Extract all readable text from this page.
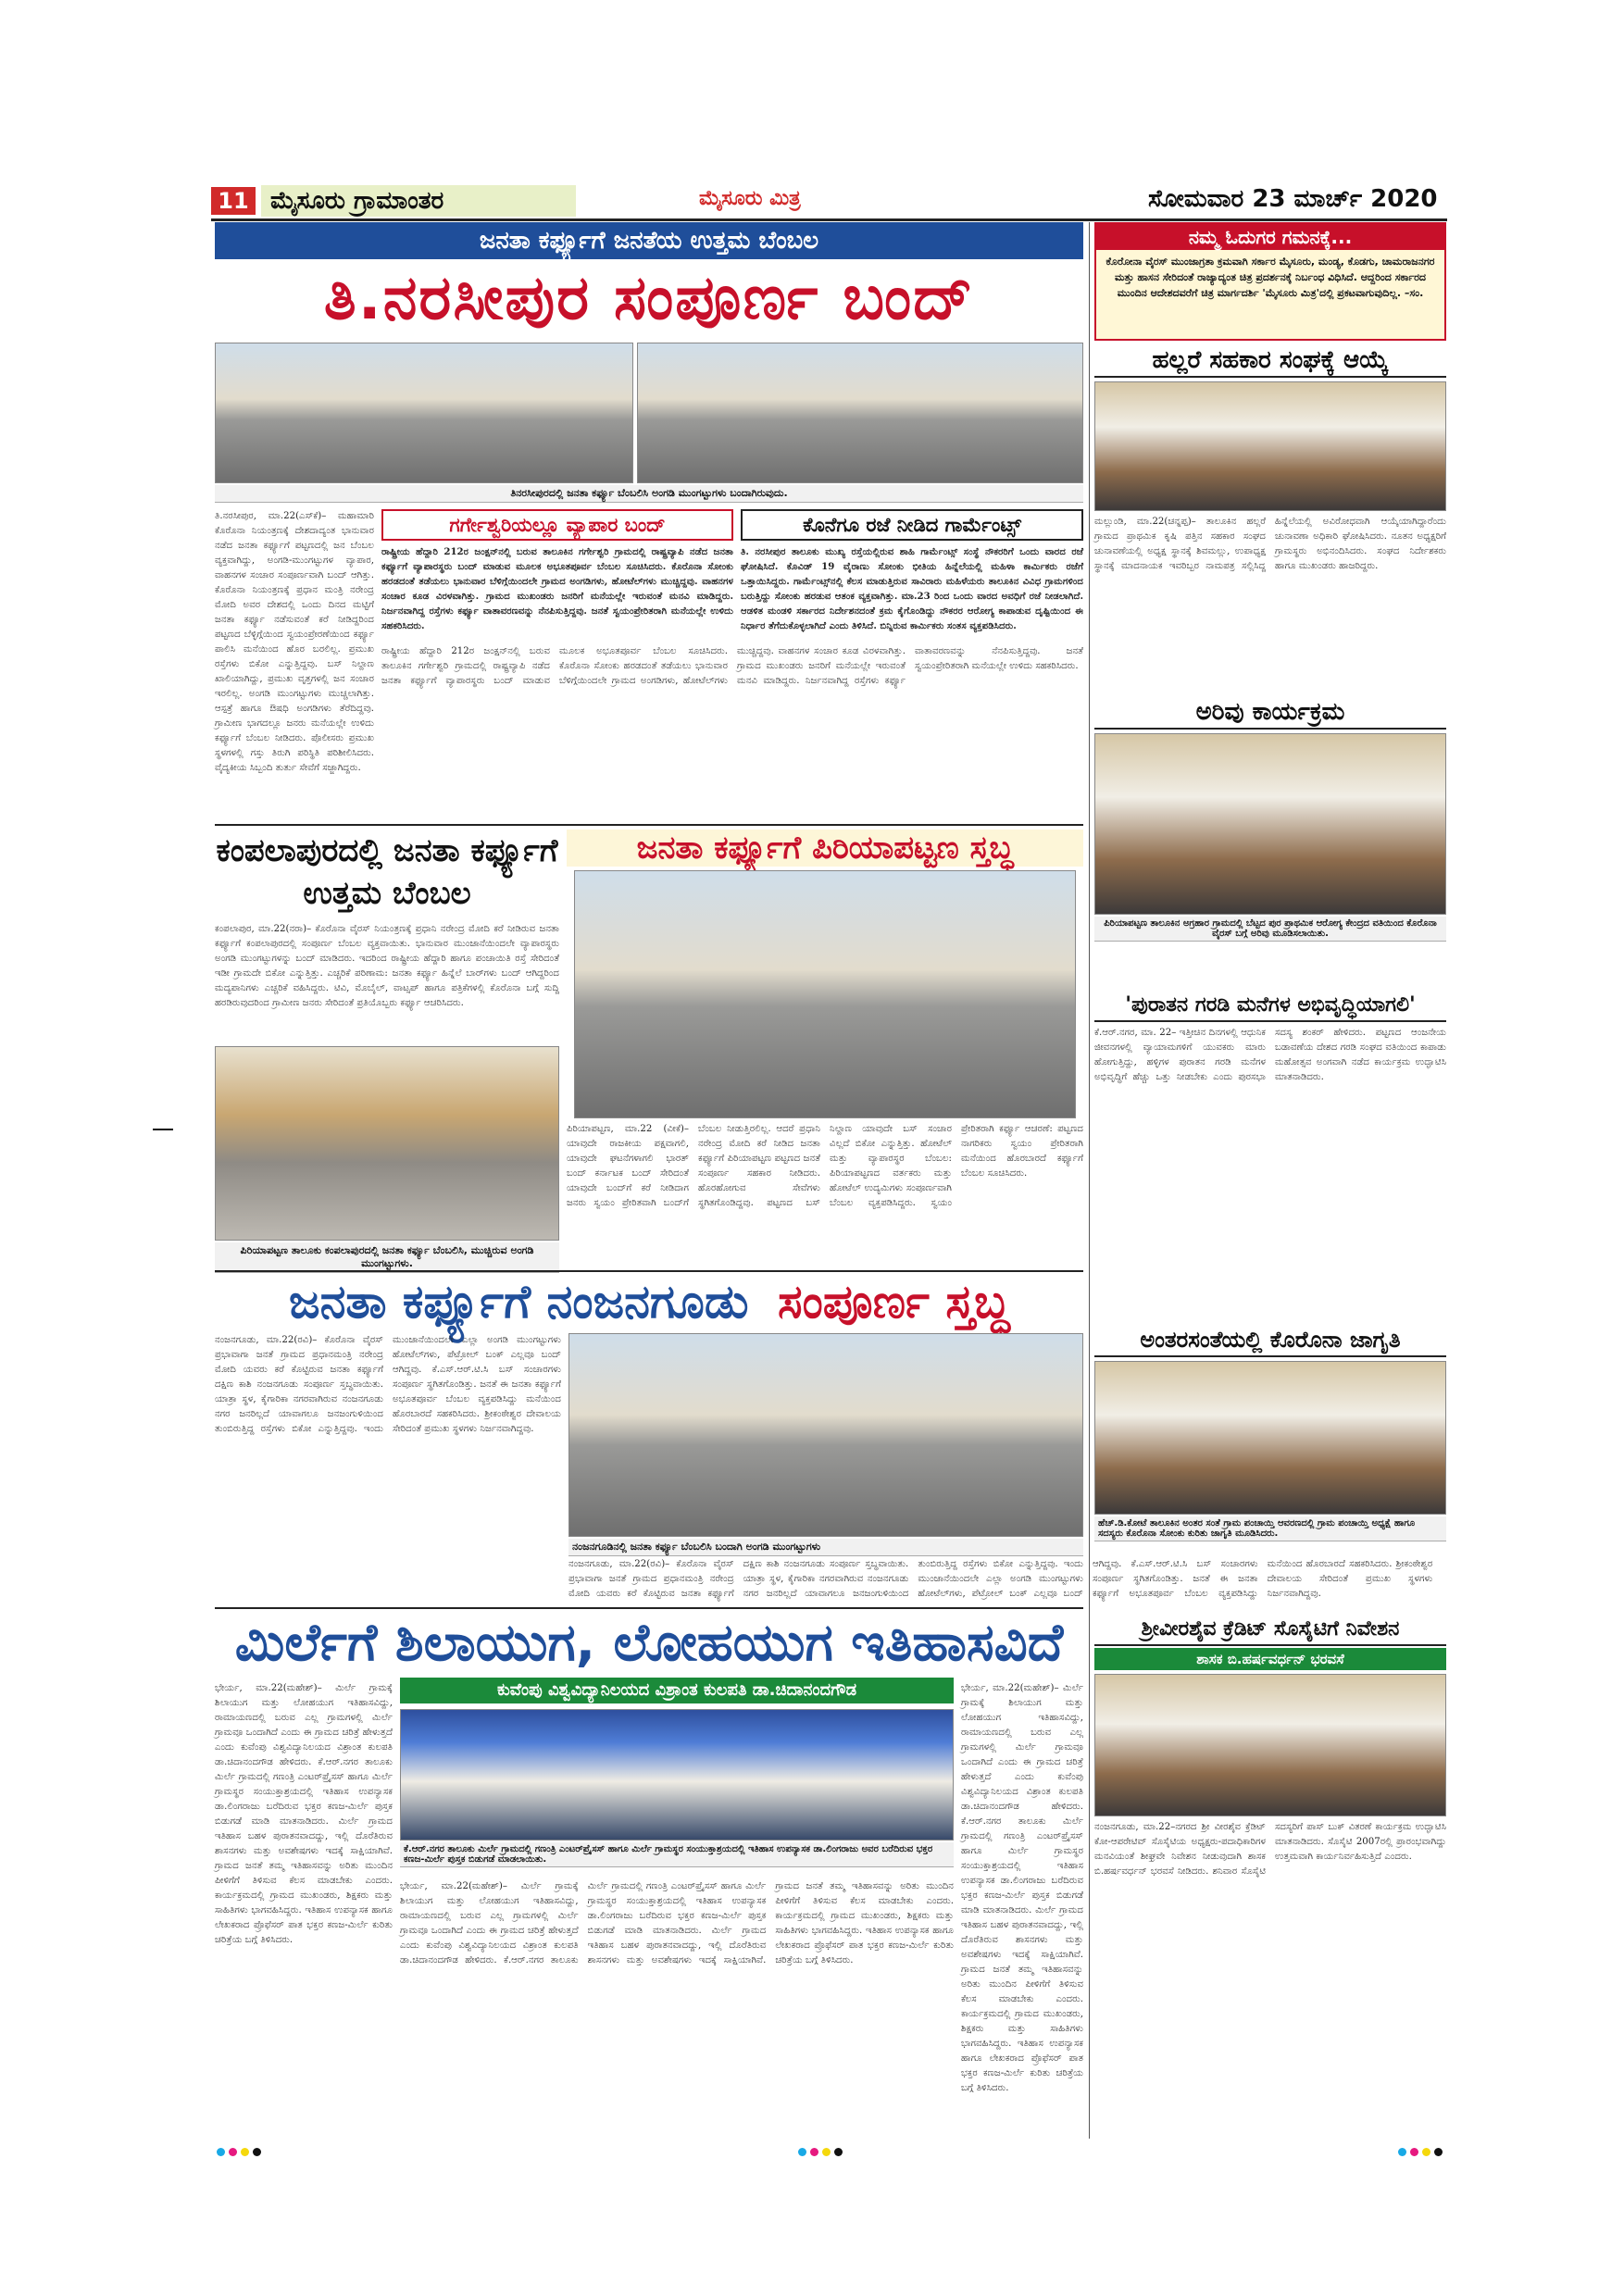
11 ಮೈಸೂರು ಗ್ರಾಮಾಂತರ	ಮೈಸೂರು ಮಿತ್ರ	ಸೋಮವಾರ 23 ಮಾರ್ಚ್ 2020
ಜನತಾ ಕರ್ಫ್ಯೂಗೆ ಜನತೆಯ ಉತ್ತಮ ಬೆಂಬಲ
ತಿ.ನರಸೀಪುರ ಸಂಪೂರ್ಣ ಬಂದ್
ತಿನರಸೀಪುರದಲ್ಲಿ ಜನತಾ ಕರ್ಫ್ಯೂ ಬೆಂಬಲಿಸಿ ಅಂಗಡಿ ಮುಂಗಟ್ಟುಗಳು ಬಂದಾಗಿರುವುದು.
ತಿ.ನರಸೀಪುರ, ಮಾ.22(ಎಸ್‌ಕೆ)– ಮಹಾಮಾರಿ ಕೊರೊನಾ ನಿಯಂತ್ರಣಕ್ಕೆ ದೇಶದಾದ್ಯಂತ ಭಾನುವಾರ ನಡೆದ ಜನತಾ ಕರ್ಫ್ಯೂಗೆ ಪಟ್ಟಣದಲ್ಲಿ ಜನ ಬೆಂಬಲ ವ್ಯಕ್ತವಾಗಿದ್ದು, ಅಂಗಡಿ-ಮುಂಗಟ್ಟುಗಳ ವ್ಯಾಪಾರ, ವಾಹನಗಳ ಸಂಚಾರ ಸಂಪೂರ್ಣವಾಗಿ ಬಂದ್ ಆಗಿತ್ತು. ಕೊರೊನಾ ನಿಯಂತ್ರಣಕ್ಕೆ ಪ್ರಧಾನ ಮಂತ್ರಿ ನರೇಂದ್ರ ಮೋದಿ ಅವರ ದೇಶದಲ್ಲಿ ಒಂದು ದಿನದ ಮಟ್ಟಿಗೆ ಜನತಾ ಕರ್ಫ್ಯೂ ನಡೆಸುವಂತೆ ಕರೆ ನೀಡಿದ್ದರಿಂದ ಪಟ್ಟಣದ ಬೆಳ್ಳಿಗ್ಗೆಯಿಂದ ಸ್ವಯಂಪ್ರೇರಣೆಯಿಂದ ಕರ್ಫ್ಯೂ ಪಾಲಿಸಿ ಮನೆಯಿಂದ ಹೊರ ಬರಲಿಲ್ಲ. ಪ್ರಮುಖ ರಸ್ತೆಗಳು ಬಿಕೋ ಎನ್ನುತ್ತಿದ್ದವು. ಬಸ್ ನಿಲ್ದಾಣ ಖಾಲಿಯಾಗಿದ್ದು, ಪ್ರಮುಖ ವೃತ್ತಗಳಲ್ಲಿ ಜನ ಸಂಚಾರ ಇರಲಿಲ್ಲ. ಅಂಗಡಿ ಮುಂಗಟ್ಟುಗಳು ಮುಚ್ಚಲಾಗಿತ್ತು. ಆಸ್ಪತ್ರೆ ಹಾಗೂ ಔಷಧಿ ಅಂಗಡಿಗಳು ತೆರೆದಿದ್ದವು. ಗ್ರಾಮೀಣ ಭಾಗದಲ್ಲೂ ಜನರು ಮನೆಯಲ್ಲೇ ಉಳಿದು ಕರ್ಫ್ಯೂಗೆ ಬೆಂಬಲ ನೀಡಿದರು. ಪೊಲೀಸರು ಪ್ರಮುಖ ಸ್ಥಳಗಳಲ್ಲಿ ಗಸ್ತು ತಿರುಗಿ ಪರಿಸ್ಥಿತಿ ಪರಿಶೀಲಿಸಿದರು. ವೈದ್ಯಕೀಯ ಸಿಬ್ಬಂದಿ ತುರ್ತು ಸೇವೆಗೆ ಸಜ್ಜಾಗಿದ್ದರು.
ಗರ್ಗೇಶ್ವರಿಯಲ್ಲೂ ವ್ಯಾಪಾರ ಬಂದ್
ರಾಷ್ಟ್ರೀಯ ಹೆದ್ದಾರಿ 212ರ ಜಂಕ್ಷನ್‌ನಲ್ಲಿ ಬರುವ ತಾಲೂಕಿನ ಗರ್ಗೇಶ್ವರಿ ಗ್ರಾಮದಲ್ಲಿ ರಾಷ್ಟ್ರವ್ಯಾಪಿ ನಡೆದ ಜನತಾ ಕರ್ಫ್ಯೂಗೆ ವ್ಯಾಪಾರಸ್ಥರು ಬಂದ್ ಮಾಡುವ ಮೂಲಕ ಅಭೂತಪೂರ್ವ ಬೆಂಬಲ ಸೂಚಿಸಿದರು. ಕೊರೊನಾ ಸೋಂಕು ಹರಡದಂತೆ ತಡೆಯಲು ಭಾನುವಾರ ಬೆಳಿಗ್ಗೆಯಿಂದಲೇ ಗ್ರಾಮದ ಅಂಗಡಿಗಳು, ಹೋಟೆಲ್‌ಗಳು ಮುಚ್ಚಿದ್ದವು. ವಾಹನಗಳ ಸಂಚಾರ ಕೂಡ ವಿರಳವಾಗಿತ್ತು. ಗ್ರಾಮದ ಮುಖಂಡರು ಜನರಿಗೆ ಮನೆಯಲ್ಲೇ ಇರುವಂತೆ ಮನವಿ ಮಾಡಿದ್ದರು. ನಿರ್ಜನವಾಗಿದ್ದ ರಸ್ತೆಗಳು ಕರ್ಫ್ಯೂ ವಾತಾವರಣವನ್ನು ನೆನಪಿಸುತ್ತಿದ್ದವು. ಜನತೆ ಸ್ವಯಂಪ್ರೇರಿತರಾಗಿ ಮನೆಯಲ್ಲೇ ಉಳಿದು ಸಹಕರಿಸಿದರು.
ಕೊನೆಗೂ ರಜೆ ನೀಡಿದ ಗಾರ್ಮೆಂಟ್ಸ್
ತಿ. ನರಸೀಪುರ ತಾಲೂಕು ಮುಖ್ಯ ರಸ್ತೆಯಲ್ಲಿರುವ ಶಾಹಿ ಗಾರ್ಮೆಂಟ್ಸ್ ಸಂಸ್ಥೆ ನೌಕರರಿಗೆ ಒಂದು ವಾರದ ರಜೆ ಘೋಷಿಸಿದೆ. ಕೊವಿಡ್ 19 ವೈರಾಣು ಸೋಂಕು ಭೀತಿಯ ಹಿನ್ನೆಲೆಯಲ್ಲಿ ಮಹಿಳಾ ಕಾರ್ಮಿಕರು ರಜೆಗೆ ಒತ್ತಾಯಿಸಿದ್ದರು. ಗಾರ್ಮೆಂಟ್ಸ್‌ನಲ್ಲಿ ಕೆಲಸ ಮಾಡುತ್ತಿರುವ ಸಾವಿರಾರು ಮಹಿಳೆಯರು ತಾಲೂಕಿನ ವಿವಿಧ ಗ್ರಾಮಗಳಿಂದ ಬರುತ್ತಿದ್ದು ಸೋಂಕು ಹರಡುವ ಆತಂಕ ವ್ಯಕ್ತವಾಗಿತ್ತು. ಮಾ.23 ರಿಂದ ಒಂದು ವಾರದ ಅವಧಿಗೆ ರಜೆ ನೀಡಲಾಗಿದೆ. ಆಡಳಿತ ಮಂಡಳಿ ಸರ್ಕಾರದ ನಿರ್ದೇಶನದಂತೆ ಕ್ರಮ ಕೈಗೊಂಡಿದ್ದು ನೌಕರರ ಆರೋಗ್ಯ ಕಾಪಾಡುವ ದೃಷ್ಟಿಯಿಂದ ಈ ನಿರ್ಧಾರ ತೆಗೆದುಕೊಳ್ಳಲಾಗಿದೆ ಎಂದು ತಿಳಿಸಿದೆ. ಬಿನ್ನಿರುವ ಕಾರ್ಮಿಕರು ಸಂತಸ ವ್ಯಕ್ತಪಡಿಸಿದರು.
ರಾಷ್ಟ್ರೀಯ ಹೆದ್ದಾರಿ 212ರ ಜಂಕ್ಷನ್‌ನಲ್ಲಿ ಬರುವ ತಾಲೂಕಿನ ಗರ್ಗೇಶ್ವರಿ ಗ್ರಾಮದಲ್ಲಿ ರಾಷ್ಟ್ರವ್ಯಾಪಿ ನಡೆದ ಜನತಾ ಕರ್ಫ್ಯೂಗೆ ವ್ಯಾಪಾರಸ್ಥರು ಬಂದ್ ಮಾಡುವ ಮೂಲಕ ಅಭೂತಪೂರ್ವ ಬೆಂಬಲ ಸೂಚಿಸಿದರು. ಕೊರೊನಾ ಸೋಂಕು ಹರಡದಂತೆ ತಡೆಯಲು ಭಾನುವಾರ ಬೆಳಿಗ್ಗೆಯಿಂದಲೇ ಗ್ರಾಮದ ಅಂಗಡಿಗಳು, ಹೋಟೆಲ್‌ಗಳು ಮುಚ್ಚಿದ್ದವು. ವಾಹನಗಳ ಸಂಚಾರ ಕೂಡ ವಿರಳವಾಗಿತ್ತು. ಗ್ರಾಮದ ಮುಖಂಡರು ಜನರಿಗೆ ಮನೆಯಲ್ಲೇ ಇರುವಂತೆ ಮನವಿ ಮಾಡಿದ್ದರು. ನಿರ್ಜನವಾಗಿದ್ದ ರಸ್ತೆಗಳು ಕರ್ಫ್ಯೂ ವಾತಾವರಣವನ್ನು ನೆನಪಿಸುತ್ತಿದ್ದವು. ಜನತೆ ಸ್ವಯಂಪ್ರೇರಿತರಾಗಿ ಮನೆಯಲ್ಲೇ ಉಳಿದು ಸಹಕರಿಸಿದರು.
ಕಂಪಲಾಪುರದಲ್ಲಿ ಜನತಾ ಕರ್ಫ್ಯೂಗೆ ಉತ್ತಮ ಬೆಂಬಲ
ಕಂಪಲಾಪುರ, ಮಾ.22(ನರಾ)– ಕೊರೊನಾ ವೈರಸ್ ನಿಯಂತ್ರಣಕ್ಕೆ ಪ್ರಧಾನಿ ನರೇಂದ್ರ ಮೋದಿ ಕರೆ ನೀಡಿರುವ ಜನತಾ ಕರ್ಫ್ಯೂಗೆ ಕಂಪಲಾಪುರದಲ್ಲಿ ಸಂಪೂರ್ಣ ಬೆಂಬಲ ವ್ಯಕ್ತವಾಯಿತು. ಭಾನುವಾರ ಮುಂಜಾನೆಯಿಂದಲೇ ವ್ಯಾಪಾರಸ್ಥರು ಅಂಗಡಿ ಮುಂಗಟ್ಟುಗಳನ್ನು ಬಂದ್ ಮಾಡಿದರು. ಇದರಿಂದ ರಾಷ್ಟ್ರೀಯ ಹೆದ್ದಾರಿ ಹಾಗೂ ಪಂಚಾಯಿತಿ ರಸ್ತೆ ಸೇರಿದಂತೆ ಇಡೀ ಗ್ರಾಮದೇ ಬಿಕೋ ಎನ್ನುತ್ತಿತ್ತು. ಎಚ್ಚರಿಕೆ ಪರಿಣಾಮ: ಜನತಾ ಕರ್ಫ್ಯೂ ಹಿನ್ನೆಲೆ ಬಾರ್‌ಗಳು ಬಂದ್ ಆಗಿದ್ದರಿಂದ ಮದ್ಯಪಾನಿಗಳು ಎಚ್ಚರಿಕೆ ವಹಿಸಿದ್ದರು. ಟಿವಿ, ಮೊಬೈಲ್, ವಾಟ್ಸಪ್ ಹಾಗೂ ಪತ್ರಿಕೆಗಳಲ್ಲಿ ಕೊರೊನಾ ಬಗ್ಗೆ ಸುದ್ದಿ ಹರಡಿರುವುದರಿಂದ ಗ್ರಾಮೀಣ ಜನರು ಸೇರಿದಂತೆ ಪ್ರತಿಯೊಬ್ಬರು ಕರ್ಫ್ಯೂ ಆಚರಿಸಿದರು.
ಪಿರಿಯಾಪಟ್ಟಣ ತಾಲೂಕು ಕಂಪಲಾಪುರದಲ್ಲಿ ಜನತಾ ಕರ್ಫ್ಯೂ ಬೆಂಬಲಿಸಿ, ಮುಚ್ಚಿರುವ ಅಂಗಡಿ ಮುಂಗಟ್ಟುಗಳು.
ಜನತಾ ಕರ್ಫ್ಯೂಗೆ ಪಿರಿಯಾಪಟ್ಟಣ ಸ್ತಬ್ಧ
ಪಿರಿಯಾಪಟ್ಟಣ, ಮಾ.22 (ವೀಕೆ)– ಯಾವುದೇ ರಾಜಕೀಯ ಪಕ್ಷವಾಗಲಿ, ಯಾವುದೇ ಘಟನೆಗಳಾಗಲಿ ಭಾರತ್ ಬಂದ್ ಕರ್ನಾಟಕ ಬಂದ್ ಸೇರಿದಂತೆ ಯಾವುದೇ ಬಂದ್‌ಗೆ ಕರೆ ನೀಡಿದಾಗ ಜನರು ಸ್ವಯಂ ಪ್ರೇರಿತವಾಗಿ ಬಂದ್‌ಗೆ ಬೆಂಬಲ ನೀಡುತ್ತಿರಲಿಲ್ಲ. ಆದರೆ ಪ್ರಧಾನಿ ನರೇಂದ್ರ ಮೋದಿ ಕರೆ ನೀಡಿದ ಜನತಾ ಕರ್ಫ್ಯೂಗೆ ಪಿರಿಯಾಪಟ್ಟಣ ಪಟ್ಟಣದ ಜನತೆ ಸಂಪೂರ್ಣ ಸಹಕಾರ ನೀಡಿದರು. ಹೊರಹೋಗುವ ಸೇವೆಗಳು ಸ್ಥಗಿತಗೊಂಡಿದ್ದವು. ಪಟ್ಟಣದ ಬಸ್ ನಿಲ್ದಾಣ ಯಾವುದೇ ಬಸ್ ಸಂಚಾರ ವಿಲ್ಲದೆ ಬಿಕೋ ಎನ್ನುತ್ತಿತ್ತು. ಹೋಟೆಲ್ ಮತ್ತು ವ್ಯಾಪಾರಸ್ಥರ ಬೆಂಬಲ: ಪಿರಿಯಾಪಟ್ಟಣದ ವರ್ತಕರು ಮತ್ತು ಹೋಟೆಲ್ ಉದ್ಯಮಿಗಳು ಸಂಪೂರ್ಣವಾಗಿ ಬೆಂಬಲ ವ್ಯಕ್ತಪಡಿಸಿದ್ದರು. ಸ್ವಯಂ ಪ್ರೇರಿತರಾಗಿ ಕರ್ಫ್ಯೂ ಆಚರಣೆ: ಪಟ್ಟಣದ ನಾಗರಿಕರು ಸ್ವಯಂ ಪ್ರೇರಿತರಾಗಿ ಮನೆಯಿಂದ ಹೊರಬಾರದೆ ಕರ್ಫ್ಯೂಗೆ ಬೆಂಬಲ ಸೂಚಿಸಿದರು.
ಜನತಾ ಕರ್ಫ್ಯೂಗೆ ನಂಜನಗೂಡು ಸಂಪೂರ್ಣ ಸ್ತಬ್ಧ
ನಂಜನಗೂಡು, ಮಾ.22(ರವಿ)– ಕೊರೊನಾ ವೈರಸ್ ಪ್ರಭಾವಾಗಾ ಜನತೆ ಗ್ರಾಮದ ಪ್ರಧಾನಮಂತ್ರಿ ನರೇಂದ್ರ ಮೋದಿ ಯವರು ಕರೆ ಕೊಟ್ಟಿರುವ ಜನತಾ ಕರ್ಫ್ಯೂಗೆ ದಕ್ಷಿಣ ಕಾಶಿ ನಂಜನಗೂಡು ಸಂಪೂರ್ಣ ಸ್ತಬ್ಧವಾಯಿತು. ಯಾತ್ರಾ ಸ್ಥಳ, ಕೈಗಾರಿಕಾ ನಗರವಾಗಿರುವ ನಂಜನಗೂಡು ನಗರ ಜನರಿಲ್ಲದೆ ಯಾವಾಗಲೂ ಜನಜಂಗುಳಿಯಿಂದ ತುಂಬಿರುತ್ತಿದ್ದ ರಸ್ತೆಗಳು ಬಿಕೋ ಎನ್ನುತ್ತಿದ್ದವು. ಇಂದು ಮುಂಜಾನೆಯಿಂದಲೇ ಎಲ್ಲಾ ಅಂಗಡಿ ಮುಂಗಟ್ಟುಗಳು ಹೋಟೆಲ್‌ಗಳು, ಪೆಟ್ರೋಲ್ ಬಂಕ್ ಎಲ್ಲವೂ ಬಂದ್ ಆಗಿದ್ದವು. ಕೆ.ಎಸ್.ಆರ್.ಟಿ.ಸಿ ಬಸ್ ಸಂಚಾರಗಳು ಸಂಪೂರ್ಣ ಸ್ಥಗಿತಗೊಂಡಿತ್ತು. ಜನತೆ ಈ ಜನತಾ ಕರ್ಫ್ಯೂಗೆ ಅಭೂತಪೂರ್ವ ಬೆಂಬಲ ವ್ಯಕ್ತಪಡಿಸಿದ್ದು ಮನೆಯಿಂದ ಹೊರಬಾರದೆ ಸಹಕರಿಸಿದರು. ಶ್ರೀಕಂಠೇಶ್ವರ ದೇವಾಲಯ ಸೇರಿದಂತೆ ಪ್ರಮುಖ ಸ್ಥಳಗಳು ನಿರ್ಜನವಾಗಿದ್ದವು.
ನಂಜನಗೂಡಿನಲ್ಲಿ ಜನತಾ ಕರ್ಫ್ಯೂ ಬೆಂಬಲಿಸಿ ಬಂದಾಗಿ ಅಂಗಡಿ ಮುಂಗಟ್ಟುಗಳು
ನಂಜನಗೂಡು, ಮಾ.22(ರವಿ)– ಕೊರೊನಾ ವೈರಸ್ ಪ್ರಭಾವಾಗಾ ಜನತೆ ಗ್ರಾಮದ ಪ್ರಧಾನಮಂತ್ರಿ ನರೇಂದ್ರ ಮೋದಿ ಯವರು ಕರೆ ಕೊಟ್ಟಿರುವ ಜನತಾ ಕರ್ಫ್ಯೂಗೆ ದಕ್ಷಿಣ ಕಾಶಿ ನಂಜನಗೂಡು ಸಂಪೂರ್ಣ ಸ್ತಬ್ಧವಾಯಿತು. ಯಾತ್ರಾ ಸ್ಥಳ, ಕೈಗಾರಿಕಾ ನಗರವಾಗಿರುವ ನಂಜನಗೂಡು ನಗರ ಜನರಿಲ್ಲದೆ ಯಾವಾಗಲೂ ಜನಜಂಗುಳಿಯಿಂದ ತುಂಬಿರುತ್ತಿದ್ದ ರಸ್ತೆಗಳು ಬಿಕೋ ಎನ್ನುತ್ತಿದ್ದವು. ಇಂದು ಮುಂಜಾನೆಯಿಂದಲೇ ಎಲ್ಲಾ ಅಂಗಡಿ ಮುಂಗಟ್ಟುಗಳು ಹೋಟೆಲ್‌ಗಳು, ಪೆಟ್ರೋಲ್ ಬಂಕ್ ಎಲ್ಲವೂ ಬಂದ್ ಆಗಿದ್ದವು. ಕೆ.ಎಸ್.ಆರ್.ಟಿ.ಸಿ ಬಸ್ ಸಂಚಾರಗಳು ಸಂಪೂರ್ಣ ಸ್ಥಗಿತಗೊಂಡಿತ್ತು. ಜನತೆ ಈ ಜನತಾ ಕರ್ಫ್ಯೂಗೆ ಅಭೂತಪೂರ್ವ ಬೆಂಬಲ ವ್ಯಕ್ತಪಡಿಸಿದ್ದು ಮನೆಯಿಂದ ಹೊರಬಾರದೆ ಸಹಕರಿಸಿದರು. ಶ್ರೀಕಂಠೇಶ್ವರ ದೇವಾಲಯ ಸೇರಿದಂತೆ ಪ್ರಮುಖ ಸ್ಥಳಗಳು ನಿರ್ಜನವಾಗಿದ್ದವು.
ಮಿರ್ಲೆಗೆ ಶಿಲಾಯುಗ, ಲೋಹಯುಗ ಇತಿಹಾಸವಿದೆ
ಕುವೆಂಪು ವಿಶ್ವವಿದ್ಯಾನಿಲಯದ ವಿಶ್ರಾಂತ ಕುಲಪತಿ ಡಾ.ಚಿದಾನಂದಗೌಡ
ಭೇರ್ಯ, ಮಾ.22(ಮಹೇಶ್)– ಮಿರ್ಲೆ ಗ್ರಾಮಕ್ಕೆ ಶಿಲಾಯುಗ ಮತ್ತು ಲೋಹಯುಗ ಇತಿಹಾಸವಿದ್ದು, ರಾಮಾಯಣದಲ್ಲಿ ಬರುವ ಎಲ್ಲ ಗ್ರಾಮಗಳಲ್ಲಿ ಮಿರ್ಲೆ ಗ್ರಾಮವೂ ಒಂದಾಗಿದೆ ಎಂದು ಈ ಗ್ರಾಮದ ಚರಿತ್ರೆ ಹೇಳುತ್ತದೆ ಎಂದು ಕುವೆಂಪು ವಿಶ್ವವಿದ್ಯಾನಿಲಯದ ವಿಶ್ರಾಂತ ಕುಲಪತಿ ಡಾ.ಚಿದಾನಂದಗೌಡ ಹೇಳಿದರು. ಕೆ.ಆರ್.ನಗರ ತಾಲೂಕು ಮಿರ್ಲೆ ಗ್ರಾಮದಲ್ಲಿ ಗಣಂತ್ರಿ ಎಂಟರ್‌ಪ್ರೈಸಸ್ ಹಾಗೂ ಮಿರ್ಲೆ ಗ್ರಾಮಸ್ಥರ ಸಂಯುಕ್ತಾಶ್ರಯದಲ್ಲಿ ಇತಿಹಾಸ ಉಪನ್ಯಾಸಕ ಡಾ.ಲಿಂಗರಾಜು ಬರೆದಿರುವ ಭಕ್ತರ ಕಣಜ-ಮಿರ್ಲೆ ಪುಸ್ತಕ ಬಿಡುಗಡೆ ಮಾಡಿ ಮಾತನಾಡಿದರು. ಮಿರ್ಲೆ ಗ್ರಾಮದ ಇತಿಹಾಸ ಬಹಳ ಪುರಾತನವಾದದ್ದು, ಇಲ್ಲಿ ದೊರೆತಿರುವ ಶಾಸನಗಳು ಮತ್ತು ಅವಶೇಷಗಳು ಇದಕ್ಕೆ ಸಾಕ್ಷಿಯಾಗಿವೆ. ಗ್ರಾಮದ ಜನತೆ ತಮ್ಮ ಇತಿಹಾಸವನ್ನು ಅರಿತು ಮುಂದಿನ ಪೀಳಿಗೆಗೆ ತಿಳಿಸುವ ಕೆಲಸ ಮಾಡಬೇಕು ಎಂದರು. ಕಾರ್ಯಕ್ರಮದಲ್ಲಿ ಗ್ರಾಮದ ಮುಖಂಡರು, ಶಿಕ್ಷಕರು ಮತ್ತು ಸಾಹಿತಿಗಳು ಭಾಗವಹಿಸಿದ್ದರು. ಇತಿಹಾಸ ಉಪನ್ಯಾಸಕ ಹಾಗೂ ಲೇಖಕರಾದ ಪ್ರೊಫೆಸರ್ ಪಾತ ಭಕ್ತರ ಕಣಜ-ಮಿರ್ಲೆ ಕುರಿತು ಚರಿತ್ರೆಯ ಬಗ್ಗೆ ತಿಳಿಸಿದರು.
ಕೆ.ಆರ್.ನಗರ ತಾಲೂಕು ಮಿರ್ಲೆ ಗ್ರಾಮದಲ್ಲಿ ಗಣಂತ್ರಿ ಎಂಟರ್‌ಪ್ರೈಸಸ್ ಹಾಗೂ ಮಿರ್ಲೆ ಗ್ರಾಮಸ್ಥರ ಸಂಯುಕ್ತಾಶ್ರಯದಲ್ಲಿ ಇತಿಹಾಸ ಉಪನ್ಯಾಸಕ ಡಾ.ಲಿಂಗರಾಜು ಅವರ ಬರೆದಿರುವ ಭಕ್ತರ ಕಣಜ-ಮಿರ್ಲೆ ಪುಸ್ತಕ ಬಿಡುಗಡೆ ಮಾಡಲಾಯಿತು.
ಭೇರ್ಯ, ಮಾ.22(ಮಹೇಶ್)– ಮಿರ್ಲೆ ಗ್ರಾಮಕ್ಕೆ ಶಿಲಾಯುಗ ಮತ್ತು ಲೋಹಯುಗ ಇತಿಹಾಸವಿದ್ದು, ರಾಮಾಯಣದಲ್ಲಿ ಬರುವ ಎಲ್ಲ ಗ್ರಾಮಗಳಲ್ಲಿ ಮಿರ್ಲೆ ಗ್ರಾಮವೂ ಒಂದಾಗಿದೆ ಎಂದು ಈ ಗ್ರಾಮದ ಚರಿತ್ರೆ ಹೇಳುತ್ತದೆ ಎಂದು ಕುವೆಂಪು ವಿಶ್ವವಿದ್ಯಾನಿಲಯದ ವಿಶ್ರಾಂತ ಕುಲಪತಿ ಡಾ.ಚಿದಾನಂದಗೌಡ ಹೇಳಿದರು. ಕೆ.ಆರ್.ನಗರ ತಾಲೂಕು ಮಿರ್ಲೆ ಗ್ರಾಮದಲ್ಲಿ ಗಣಂತ್ರಿ ಎಂಟರ್‌ಪ್ರೈಸಸ್ ಹಾಗೂ ಮಿರ್ಲೆ ಗ್ರಾಮಸ್ಥರ ಸಂಯುಕ್ತಾಶ್ರಯದಲ್ಲಿ ಇತಿಹಾಸ ಉಪನ್ಯಾಸಕ ಡಾ.ಲಿಂಗರಾಜು ಬರೆದಿರುವ ಭಕ್ತರ ಕಣಜ-ಮಿರ್ಲೆ ಪುಸ್ತಕ ಬಿಡುಗಡೆ ಮಾಡಿ ಮಾತನಾಡಿದರು. ಮಿರ್ಲೆ ಗ್ರಾಮದ ಇತಿಹಾಸ ಬಹಳ ಪುರಾತನವಾದದ್ದು, ಇಲ್ಲಿ ದೊರೆತಿರುವ ಶಾಸನಗಳು ಮತ್ತು ಅವಶೇಷಗಳು ಇದಕ್ಕೆ ಸಾಕ್ಷಿಯಾಗಿವೆ. ಗ್ರಾಮದ ಜನತೆ ತಮ್ಮ ಇತಿಹಾಸವನ್ನು ಅರಿತು ಮುಂದಿನ ಪೀಳಿಗೆಗೆ ತಿಳಿಸುವ ಕೆಲಸ ಮಾಡಬೇಕು ಎಂದರು. ಕಾರ್ಯಕ್ರಮದಲ್ಲಿ ಗ್ರಾಮದ ಮುಖಂಡರು, ಶಿಕ್ಷಕರು ಮತ್ತು ಸಾಹಿತಿಗಳು ಭಾಗವಹಿಸಿದ್ದರು. ಇತಿಹಾಸ ಉಪನ್ಯಾಸಕ ಹಾಗೂ ಲೇಖಕರಾದ ಪ್ರೊಫೆಸರ್ ಪಾತ ಭಕ್ತರ ಕಣಜ-ಮಿರ್ಲೆ ಕುರಿತು ಚರಿತ್ರೆಯ ಬಗ್ಗೆ ತಿಳಿಸಿದರು.
ಭೇರ್ಯ, ಮಾ.22(ಮಹೇಶ್)– ಮಿರ್ಲೆ ಗ್ರಾಮಕ್ಕೆ ಶಿಲಾಯುಗ ಮತ್ತು ಲೋಹಯುಗ ಇತಿಹಾಸವಿದ್ದು, ರಾಮಾಯಣದಲ್ಲಿ ಬರುವ ಎಲ್ಲ ಗ್ರಾಮಗಳಲ್ಲಿ ಮಿರ್ಲೆ ಗ್ರಾಮವೂ ಒಂದಾಗಿದೆ ಎಂದು ಈ ಗ್ರಾಮದ ಚರಿತ್ರೆ ಹೇಳುತ್ತದೆ ಎಂದು ಕುವೆಂಪು ವಿಶ್ವವಿದ್ಯಾನಿಲಯದ ವಿಶ್ರಾಂತ ಕುಲಪತಿ ಡಾ.ಚಿದಾನಂದಗೌಡ ಹೇಳಿದರು. ಕೆ.ಆರ್.ನಗರ ತಾಲೂಕು ಮಿರ್ಲೆ ಗ್ರಾಮದಲ್ಲಿ ಗಣಂತ್ರಿ ಎಂಟರ್‌ಪ್ರೈಸಸ್ ಹಾಗೂ ಮಿರ್ಲೆ ಗ್ರಾಮಸ್ಥರ ಸಂಯುಕ್ತಾಶ್ರಯದಲ್ಲಿ ಇತಿಹಾಸ ಉಪನ್ಯಾಸಕ ಡಾ.ಲಿಂಗರಾಜು ಬರೆದಿರುವ ಭಕ್ತರ ಕಣಜ-ಮಿರ್ಲೆ ಪುಸ್ತಕ ಬಿಡುಗಡೆ ಮಾಡಿ ಮಾತನಾಡಿದರು. ಮಿರ್ಲೆ ಗ್ರಾಮದ ಇತಿಹಾಸ ಬಹಳ ಪುರಾತನವಾದದ್ದು, ಇಲ್ಲಿ ದೊರೆತಿರುವ ಶಾಸನಗಳು ಮತ್ತು ಅವಶೇಷಗಳು ಇದಕ್ಕೆ ಸಾಕ್ಷಿಯಾಗಿವೆ. ಗ್ರಾಮದ ಜನತೆ ತಮ್ಮ ಇತಿಹಾಸವನ್ನು ಅರಿತು ಮುಂದಿನ ಪೀಳಿಗೆಗೆ ತಿಳಿಸುವ ಕೆಲಸ ಮಾಡಬೇಕು ಎಂದರು. ಕಾರ್ಯಕ್ರಮದಲ್ಲಿ ಗ್ರಾಮದ ಮುಖಂಡರು, ಶಿಕ್ಷಕರು ಮತ್ತು ಸಾಹಿತಿಗಳು ಭಾಗವಹಿಸಿದ್ದರು. ಇತಿಹಾಸ ಉಪನ್ಯಾಸಕ ಹಾಗೂ ಲೇಖಕರಾದ ಪ್ರೊಫೆಸರ್ ಪಾತ ಭಕ್ತರ ಕಣಜ-ಮಿರ್ಲೆ ಕುರಿತು ಚರಿತ್ರೆಯ ಬಗ್ಗೆ ತಿಳಿಸಿದರು.
ನಮ್ಮ ಓದುಗರ ಗಮನಕ್ಕೆ...
ಕೊರೋನಾ ವೈರಸ್ ಮುಂಜಾಗ್ರತಾ ಕ್ರಮವಾಗಿ ಸರ್ಕಾರ ಮೈಸೂರು, ಮಂಡ್ಯ, ಕೊಡಗು, ಚಾಮರಾಜನಗರ ಮತ್ತು ಹಾಸನ ಸೇರಿದಂತೆ ರಾಜ್ಯಾದ್ಯಂತ ಚಿತ್ರ ಪ್ರದರ್ಶನಕ್ಕೆ ನಿರ್ಬಂಧ ವಿಧಿಸಿದೆ. ಆದ್ದರಿಂದ ಸರ್ಕಾರದ ಮುಂದಿನ ಆದೇಶದವರೆಗೆ ಚಿತ್ರ ಮಾರ್ಗದರ್ಶಿ 'ಮೈಸೂರು ಮಿತ್ರ'ದಲ್ಲಿ ಪ್ರಕಟವಾಗುವುದಿಲ್ಲ. –ಸಂ.
ಹಲ್ಲರೆ ಸಹಕಾರ ಸಂಘಕ್ಕೆ ಆಯ್ಕೆ
ಮಲ್ಲುಂಡಿ, ಮಾ.22(ಚನ್ನಪ್ಪ)– ತಾಲೂಕಿನ ಹಲ್ಲರೆ ಗ್ರಾಮದ ಪ್ರಾಥಮಿಕ ಕೃಷಿ ಪತ್ತಿನ ಸಹಕಾರ ಸಂಘದ ಚುನಾವಣೆಯಲ್ಲಿ ಅಧ್ಯಕ್ಷ ಸ್ಥಾನಕ್ಕೆ ಶಿವಮಲ್ಲು, ಉಪಾಧ್ಯಕ್ಷ ಸ್ಥಾನಕ್ಕೆ ಮಾದನಾಯಕ ಇವರಿಬ್ಬರ ನಾಮಪತ್ರ ಸಲ್ಲಿಸಿದ್ದ ಹಿನ್ನೆಲೆಯಲ್ಲಿ ಅವಿರೋಧವಾಗಿ ಆಯ್ಕೆಯಾಗಿದ್ದಾರೆಂದು ಚುನಾವಣಾ ಅಧಿಕಾರಿ ಘೋಷಿಸಿದರು. ನೂತನ ಅಧ್ಯಕ್ಷರಿಗೆ ಗ್ರಾಮಸ್ಥರು ಅಭಿನಂದಿಸಿದರು. ಸಂಘದ ನಿರ್ದೇಶಕರು ಹಾಗೂ ಮುಖಂಡರು ಹಾಜರಿದ್ದರು.
ಅರಿವು ಕಾರ್ಯಕ್ರಮ
ಪಿರಿಯಾಪಟ್ಟಣ ತಾಲೂಕಿನ ಅಗ್ರಹಾರ ಗ್ರಾಮದಲ್ಲಿ ಬೆಟ್ಟದ ಪುರ ಪ್ರಾಥಮಿಕ ಆರೋಗ್ಯ ಕೇಂದ್ರದ ವತಿಯಿಂದ ಕೊರೊನಾ ವೈರಸ್ ಬಗ್ಗೆ ಅರಿವು ಮೂಡಿಸಲಾಯಿತು.
'ಪುರಾತನ ಗರಡಿ ಮನೆಗಳ ಅಭಿವೃದ್ಧಿಯಾಗಲಿ'
ಕೆ.ಆರ್.ನಗರ, ಮಾ. 22– ಇತ್ತೀಚಿನ ದಿನಗಳಲ್ಲಿ ಆಧುನಿಕ ಜೀವನಗಳಲ್ಲಿ ವ್ಯಾಯಾಮಗಳಿಗೆ ಯುವಕರು ಮಾರು ಹೋಗುತ್ತಿದ್ದು, ಹಳ್ಳಿಗಳ ಪುರಾತನ ಗರಡಿ ಮನೆಗಳ ಅಭಿವೃದ್ಧಿಗೆ ಹೆಚ್ಚು ಒತ್ತು ನೀಡಬೇಕು ಎಂದು ಪುರಸಭಾ ಸದಸ್ಯ ಶಂಕರ್ ಹೇಳಿದರು. ಪಟ್ಟಣದ ಆಂಜನೇಯ ಬಡಾವಣೆಯ ದೇಶದ ಗರಡಿ ಸಂಘದ ವತಿಯಿಂದ ಕಾಪಾಡು ಮಹೋತ್ಸವ ಅಂಗವಾಗಿ ನಡೆದ ಕಾರ್ಯಕ್ರಮ ಉದ್ಘಾಟಿಸಿ ಮಾತನಾಡಿದರು.
ಅಂತರಸಂತೆಯಲ್ಲಿ ಕೊರೊನಾ ಜಾಗೃತಿ
ಹೆಚ್.ಡಿ.ಕೋಟೆ ತಾಲೂಕಿನ ಅಂತರ ಸಂತೆ ಗ್ರಾಮ ಪಂಚಾಯ್ತಿ ಆವರಣದಲ್ಲಿ ಗ್ರಾಮ ಪಂಚಾಯ್ತಿ ಅಧ್ಯಕ್ಷೆ ಹಾಗೂ ಸದಸ್ಯರು ಕೊರೊನಾ ಸೋಂಕು ಕುರಿತು ಜಾಗೃತಿ ಮೂಡಿಸಿದರು.
ಶ್ರೀವೀರಶೈವ ಕ್ರೆಡಿಟ್ ಸೊಸೈಟಿಗೆ ನಿವೇಶನ
ಶಾಸಕ ಬಿ.ಹರ್ಷವರ್ಧನ್ ಭರವಸೆ
ನಂಜನಗೂಡು, ಮಾ.22–ನಗರದ ಶ್ರೀ ವೀರಶೈವ ಕ್ರೆಡಿಟ್ ಕೋ-ಆಪರೇಟಿವ್ ಸೊಸೈಟಿಯ ಅಧ್ಯಕ್ಷರು-ಪದಾಧಿಕಾರಿಗಳ ಮನವಿಯಂತೆ ಶೀಘ್ರವೇ ನಿವೇಶನ ನೀಡುವುದಾಗಿ ಶಾಸಕ ಬಿ.ಹರ್ಷವರ್ಧನ್ ಭರವಸೆ ನೀಡಿದರು. ಶನಿವಾರ ಸೊಸೈಟಿ ಸದಸ್ಯರಿಗೆ ಪಾಸ್ ಬುಕ್ ವಿತರಣೆ ಕಾರ್ಯಕ್ರಮ ಉದ್ಘಾಟಿಸಿ ಮಾತನಾಡಿದರು. ಸೊಸೈಟಿ 2007ರಲ್ಲಿ ಪ್ರಾರಂಭವಾಗಿದ್ದು ಉತ್ತಮವಾಗಿ ಕಾರ್ಯನಿರ್ವಹಿಸುತ್ತಿದೆ ಎಂದರು.
